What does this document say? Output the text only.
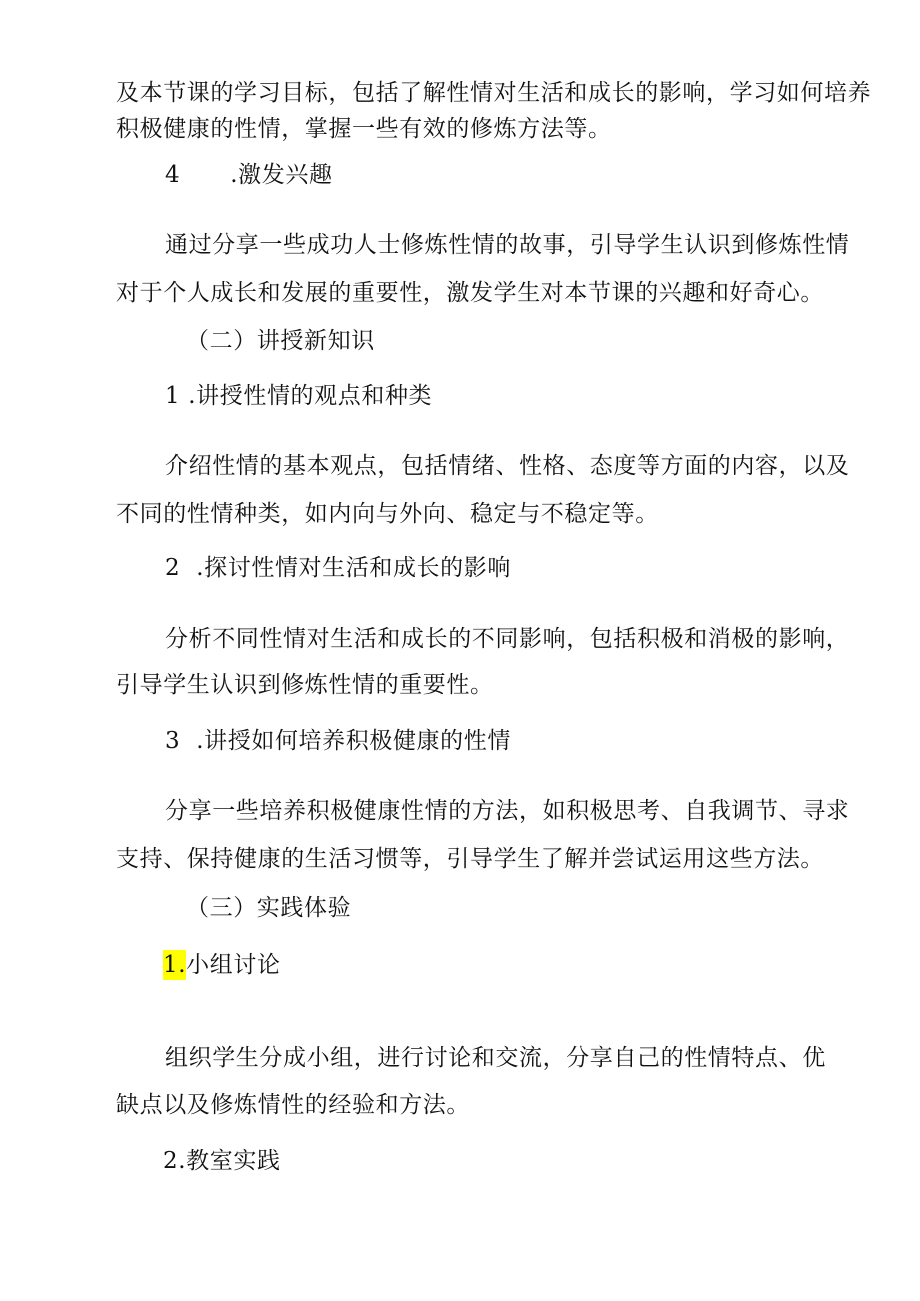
及本节课的学习目标，包括了解性情对生活和成长的影响，学习如何培养
积极健康的性情，掌握一些有效的修炼方法等。
4 .激发兴趣
通过分享一些成功人士修炼性情的故事，引导学生认识到修炼性情
对于个人成长和发展的重要性，激发学生对本节课的兴趣和好奇心。
（二）讲授新知识
1 .讲授性情的观点和种类
介绍性情的基本观点，包括情绪、性格、态度等方面的内容，以及
不同的性情种类，如内向与外向、稳定与不稳定等。
2 .探讨性情对生活和成长的影响
分析不同性情对生活和成长的不同影响，包括积极和消极的影响，
引导学生认识到修炼性情的重要性。
3 .讲授如何培养积极健康的性情
分享一些培养积极健康性情的方法，如积极思考、自我调节、寻求
支持、保持健康的生活习惯等，引导学生了解并尝试运用这些方法。
（三）实践体验
1.小组讨论
组织学生分成小组，进行讨论和交流，分享自己的性情特点、优
缺点以及修炼情性的经验和方法。
2.教室实践
